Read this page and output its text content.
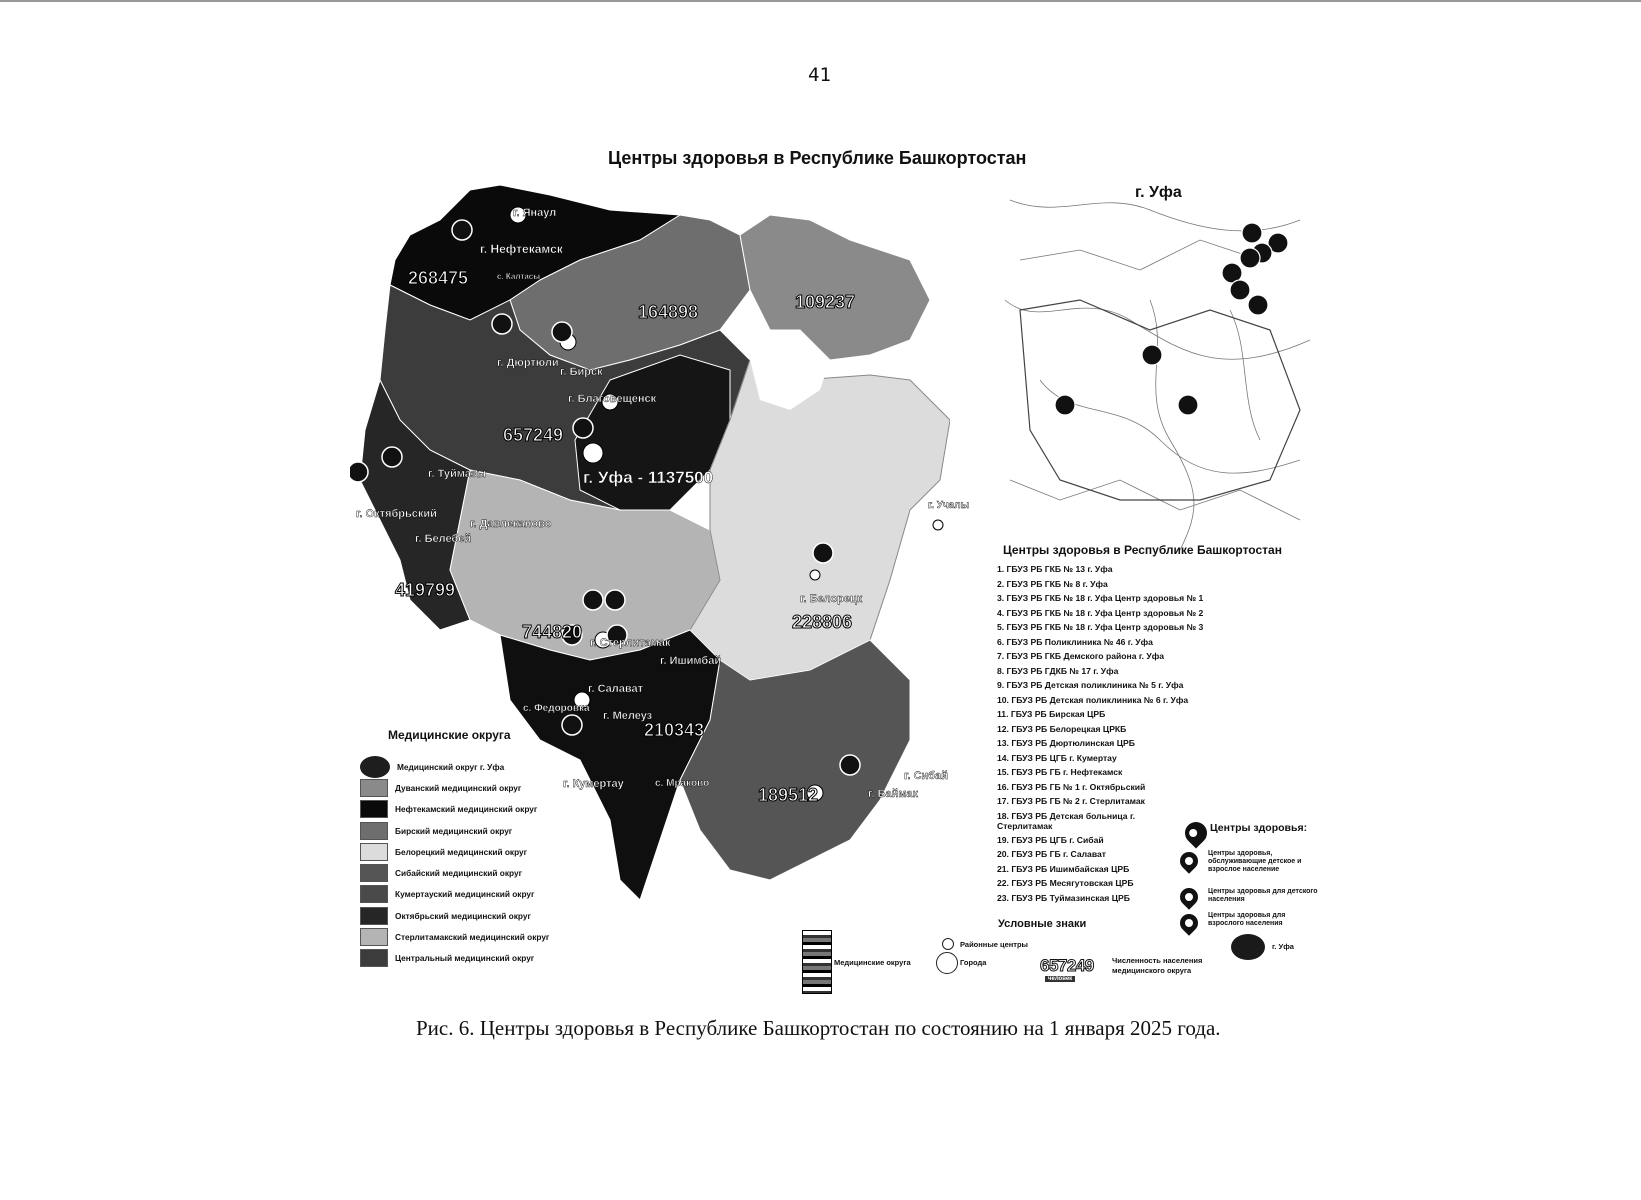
41
Центры здоровья в Республике Башкортостан
268475
164898	109237
657249
419799
744820
210343
228806
189512
г. Уфа - 1137500
г. Нефтекамск
г. Янаул
г. Бирск
г. Дюртюли
г. Благовещенск
г. Туймазы
г. Октябрьский
г. Давлеканово
г. Белебей
г. Стерлитамак
г. Ишимбай
г. Салават
г. Мелеуз
г. Кумертау
г. Белорецк
г. Учалы
г. Сибай
г. Баймак
с. Федоровка
с. Мраково
с. Калтасы
г. Уфа
Центры здоровья в Республике Башкортостан
1. ГБУЗ РБ ГКБ № 13 г. Уфа
2. ГБУЗ РБ ГКБ № 8 г. Уфа
3. ГБУЗ РБ ГКБ № 18 г. Уфа Центр здоровья № 1
4. ГБУЗ РБ ГКБ № 18 г. Уфа Центр здоровья № 2
5. ГБУЗ РБ ГКБ № 18 г. Уфа Центр здоровья № 3
6. ГБУЗ РБ Поликлиника № 46 г. Уфа
7. ГБУЗ РБ ГКБ Демского района г. Уфа
8. ГБУЗ РБ ГДКБ № 17 г. Уфа
9. ГБУЗ РБ Детская поликлиника № 5 г. Уфа
10. ГБУЗ РБ Детская поликлиника № 6 г. Уфа
11. ГБУЗ РБ Бирская ЦРБ
12. ГБУЗ РБ Белорецкая ЦРКБ
13. ГБУЗ РБ Дюртюлинская ЦРБ
14. ГБУЗ РБ ЦГБ г. Кумертау
15. ГБУЗ РБ ГБ г. Нефтекамск
16. ГБУЗ РБ ГБ № 1 г. Октябрьский
17. ГБУЗ РБ ГБ № 2 г. Стерлитамак
18. ГБУЗ РБ Детская больница г. Стерлитамак
19. ГБУЗ РБ ЦГБ г. Сибай
20. ГБУЗ РБ ГБ г. Салават
21. ГБУЗ РБ Ишимбайская ЦРБ
22. ГБУЗ РБ Месягутовская ЦРБ
23. ГБУЗ РБ Туймазинская ЦРБ
Медицинские округа
Медицинский округ г. Уфа
Дуванский медицинский округ
Нефтекамский медицинский округ
Бирский медицинский округ
Белорецкий медицинский округ
Сибайский медицинский округ
Кумертауский медицинский округ
Октябрьский медицинский округ
Стерлитамакский медицинский округ
Центральный медицинский округ
Центры здоровья:
Центры здоровья, обслуживающие детское и взрослое население
Центры здоровья для детского населения
Центры здоровья для взрослого населения
Условные знаки
Районные центры
Города
Медицинские округа	657249
человек
Численность населения медицинского округа
г. Уфа
Рис. 6. Центры здоровья в Республике Башкортостан по состоянию на 1 января 2025 года.
